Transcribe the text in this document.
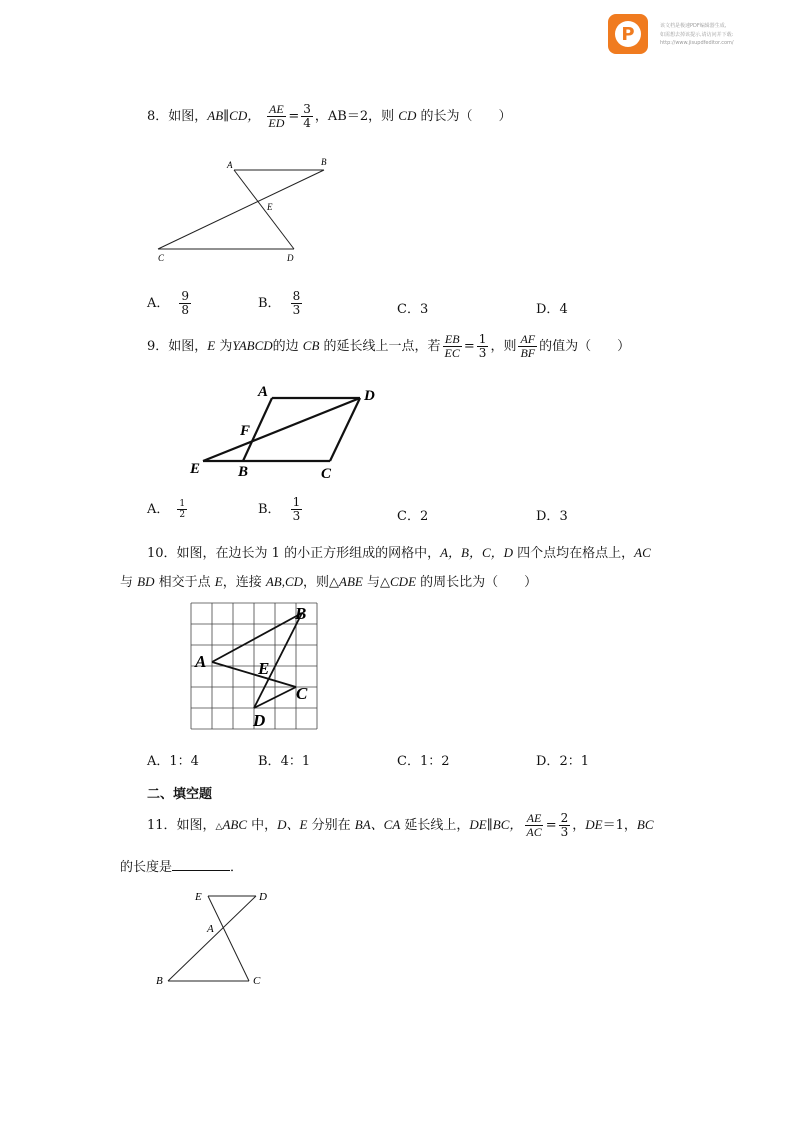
P	该文档是极速PDF编辑器生成,
如需想去掉该提示,请访问并下载:
http://www.jisupdfeditor.com/
8．如图，AB∥CD， $\frac{AE}{ED} = \frac{3}{4}$ ，AB＝2，则 CD 的长为（　　）
A	B
E
C	D
A． $\frac{9}{8}$	B． $\frac{8}{3}$	C．3	D．4
9．如图，E 为YABCD的边 CB 的延长线上一点，若 $\frac{EB}{EC} = \frac{1}{3}$ ，则 $\frac{AF}{BF}$ 的值为（　　）
A	D
F
E	B	C
A． $\frac{1}{2}$	B． $\frac{1}{3}$	C．2	D．3
10．如图，在边长为 1 的小正方形组成的网格中，A，B，C，D 四个点均在格点上，AC
与 BD 相交于点 E，连接 AB,CD，则△ABE 与△CDE 的周长比为（　　）
A
B
E
C
D
A．1：4	B．4：1	C．1：2	D．2：1
二、填空题
11．如图，△ABC 中，D、E 分别在 BA、CA 延长线上，DE∥BC， $\frac{AE}{AC} = \frac{2}{3}$ ，DE＝1，BC
的长度是	．
E	D
A
B	C
